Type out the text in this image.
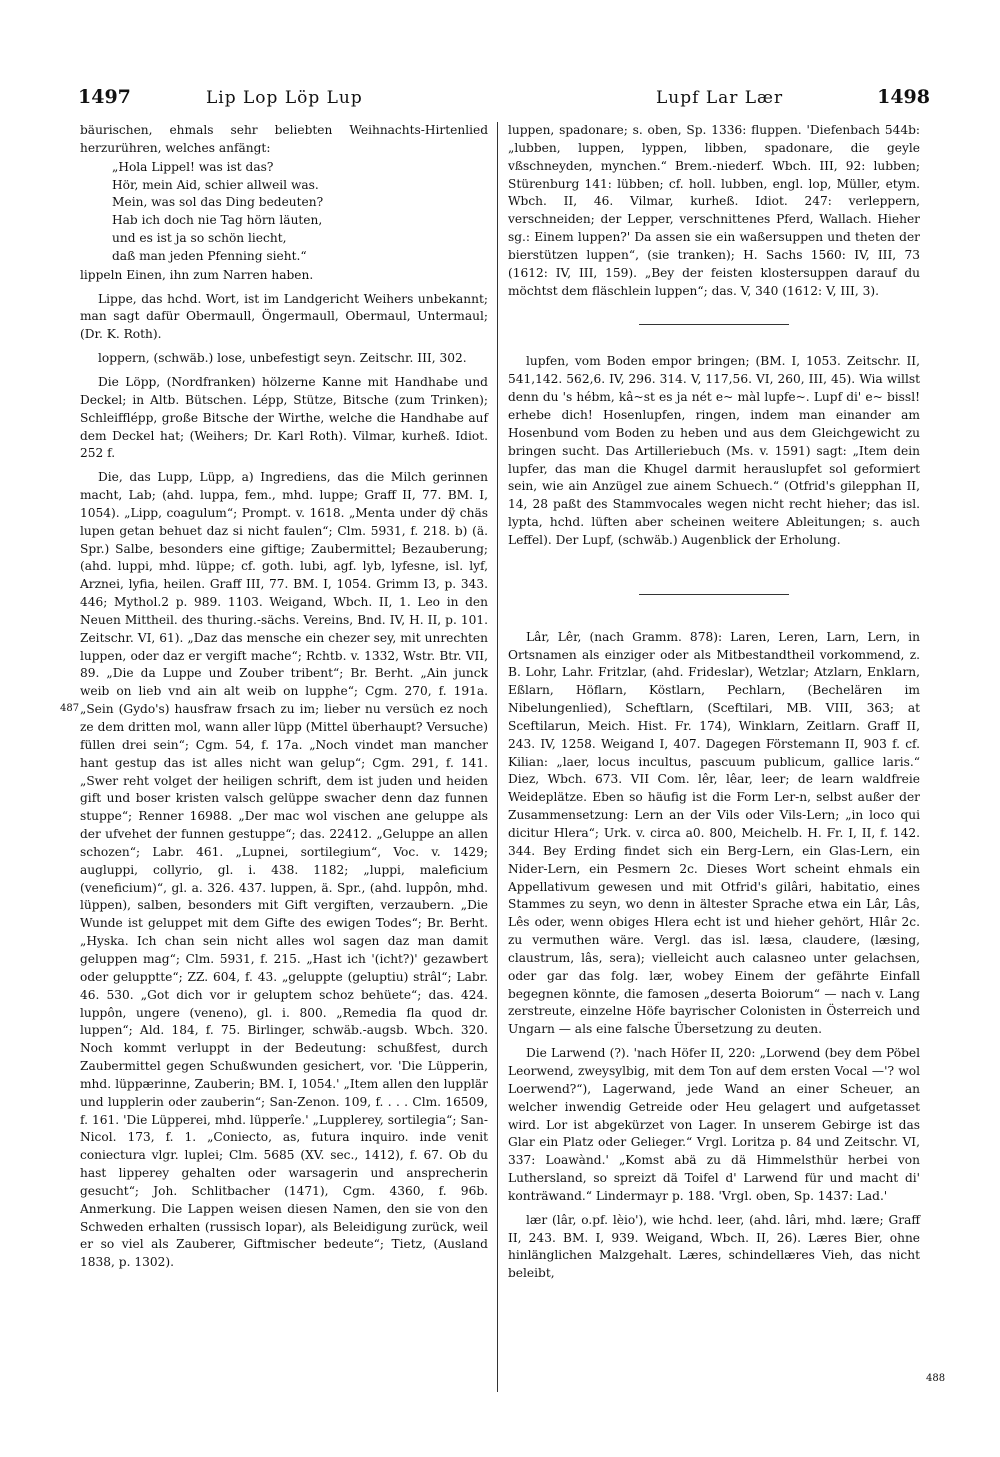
1497	Lip Lop Löp Lup	Lupf Lar Lær	1498
487
488

bäurischen, ehmals sehr beliebten Weihnachts-Hirtenlied herzurühren, welches anfängt:

„Hola Lippel! was ist das?
Hör, mein Aid, schier allweil was.
Mein, was sol das Ding bedeuten?
Hab ich doch nie Tag hörn läuten,
und es ist ja so schön liecht,
daß man jeden Pfenning sieht.“

lippeln Einen, ihn zum Narren haben.

Lippe, das hchd. Wort, ist im Landgericht Weihers unbekannt; man sagt dafür Obermaull, Öngermaull, Obermaul, Untermaul; (Dr. K. Roth).

loppern, (schwäb.) lose, unbefestigt seyn. Zeitschr. III, 302.

Die Löpp, (Nordfranken) hölzerne Kanne mit Handhabe und Deckel; in Altb. Bütschen. Lépp, Stütze, Bitsche (zum Trinken); Schleifflépp, große Bitsche der Wirthe, welche die Handhabe auf dem Deckel hat; (Weihers; Dr. Karl Roth). Vilmar, kurheß. Idiot. 252 f.

Die, das Lupp, Lüpp, a) Ingrediens, das die Milch gerinnen macht, Lab; (ahd. luppa, fem., mhd. luppe; Graff II, 77. BM. I, 1054). „Lipp, coagulum“; Prompt. v. 1618. „Menta under dÿ chäs lupen getan behuet daz si nicht faulen“; Clm. 5931, f. 218. b) (ä. Spr.) Salbe, besonders eine giftige; Zaubermittel; Bezauberung; (ahd. luppi, mhd. lüppe; cf. goth. lubi, agf. lyb, lyfesne, isl. lyf, Arznei, lyfia, heilen. Graff III, 77. BM. I, 1054. Grimm I3, p. 343. 446; Mythol.2 p. 989. 1103. Weigand, Wbch. II, 1. Leo in den Neuen Mittheil. des thuring.-sächs. Vereins, Bnd. IV, H. II, p. 101. Zeitschr. VI, 61). „Daz das mensche ein chezer sey, mit unrechten luppen, oder daz er vergift mache“; Rchtb. v. 1332, Wstr. Btr. VII, 89. „Die da Luppe und Zouber tribent“; Br. Berht. „Ain junck weib on lieb vnd ain alt weib on lupphe“; Cgm. 270, f. 191a. „Sein (Gydo's) hausfraw frsach zu im; lieber nu versüch ez noch ze dem dritten mol, wann aller lüpp (Mittel überhaupt? Versuche) füllen drei sein“; Cgm. 54, f. 17a. „Noch vindet man mancher hant gestup das ist alles nicht wan gelup“; Cgm. 291, f. 141. „Swer reht volget der heiligen schrift, dem ist juden und heiden gift und boser kristen valsch gelüppe swacher denn daz funnen stuppe“; Renner 16988. „Der mac wol vischen ane geluppe als der ufvehet der funnen gestuppe“; das. 22412. „Geluppe an allen schozen“; Labr. 461. „Lupnei, sortilegium“, Voc. v. 1429; augluppi, collyrio, gl. i. 438. 1182; „luppi, maleficium (veneficium)“, gl. a. 326. 437. luppen, ä. Spr., (ahd. luppôn, mhd. lüppen), salben, besonders mit Gift vergiften, verzaubern. „Die Wunde ist geluppet mit dem Gifte des ewigen Todes“; Br. Berht. „Hyska. Ich chan sein nicht alles wol sagen daz man damit geluppen mag“; Clm. 5931, f. 215. „Hast ich '(icht?)' gezawbert oder gelupptte“; ZZ. 604, f. 43. „geluppte (geluptiu) strâl“; Labr. 46. 530. „Got dich vor ir geluptem schoz behüete“; das. 424. luppôn, ungere (veneno), gl. i. 800. „Remedia fla quod dr. luppen“; Ald. 184, f. 75. Birlinger, schwäb.-augsb. Wbch. 320. Noch kommt verluppt in der Bedeutung: schußfest, durch Zaubermittel gegen Schußwunden gesichert, vor. 'Die Lüpperin, mhd. lüppærinne, Zauberin; BM. I, 1054.' „Item allen den lupplär und lupplerin oder zauberin“; San-Zenon. 109, f. . . . Clm. 16509, f. 161. 'Die Lüpperei, mhd. lüpperîe.' „Lupplerey, sortilegia“; San-Nicol. 173, f. 1. „Coniecto, as, futura inquiro. inde venit coniectura vlgr. luplei; Clm. 5685 (XV. sec., 1412), f. 67. Ob du hast lipperey gehalten oder warsagerin und ansprecherin gesucht“; Joh. Schlitbacher (1471), Cgm. 4360, f. 96b. Anmerkung. Die Lappen weisen diesen Namen, den sie von den Schweden erhalten (russisch lopar), als Beleidigung zurück, weil er so viel als Zauberer, Giftmischer bedeute“; Tietz, (Ausland 1838, p. 1302).

luppen, spadonare; s. oben, Sp. 1336: fluppen. 'Diefenbach 544b: „lubben, luppen, lyppen, libben, spadonare, die geyle vßschneyden, mynchen.“ Brem.-niederf. Wbch. III, 92: lubben; Stürenburg 141: lübben; cf. holl. lubben, engl. lop, Müller, etym. Wbch. II, 46. Vilmar, kurheß. Idiot. 247: verleppern, verschneiden; der Lepper, verschnittenes Pferd, Wallach. Hieher sg.: Einem luppen?' Da assen sie ein waßersuppen und theten der bierstützen luppen“, (sie tranken); H. Sachs 1560: IV, III, 73 (1612: IV, III, 159). „Bey der feisten klostersuppen darauf du möchtst dem fläschlein luppen“; das. V, 340 (1612: V, III, 3).

lupfen, vom Boden empor bringen; (BM. I, 1053. Zeitschr. II, 541,142. 562,6. IV, 296. 314. V, 117,56. VI, 260, III, 45). Wia willst denn du 's hébm, kâ~st es ja nét e~ màl lupfe~. Lupf di' e~ bissl! erhebe dich! Hosenlupfen, ringen, indem man einander am Hosenbund vom Boden zu heben und aus dem Gleichgewicht zu bringen sucht. Das Artilleriebuch (Ms. v. 1591) sagt: „Item dein lupfer, das man die Khugel darmit herauslupfet sol geformiert sein, wie ain Anzügel zue ainem Schuech.“ (Otfrid's gilepphan II, 14, 28 paßt des Stammvocales wegen nicht recht hieher; das isl. lypta, hchd. lüften aber scheinen weitere Ableitungen; s. auch Leffel). Der Lupf, (schwäb.) Augenblick der Erholung.

Lâr, Lêr, (nach Gramm. 878): Laren, Leren, Larn, Lern, in Ortsnamen als einziger oder als Mitbestandtheil vorkommend, z. B. Lohr, Lahr. Fritzlar, (ahd. Frideslar), Wetzlar; Atzlarn, Enklarn, Eßlarn, Höflarn, Köstlarn, Pechlarn, (Bechelären im Nibelungenlied), Scheftlarn, (Sceftilari, MB. VIII, 363; at Sceftilarun, Meich. Hist. Fr. 174), Winklarn, Zeitlarn. Graff II, 243. IV, 1258. Weigand I, 407. Dagegen Förstemann II, 903 f. cf. Kilian: „laer, locus incultus, pascuum publicum, gallice laris.“ Diez, Wbch. 673. VII Com. lêr, lêar, leer; de learn waldfreie Weideplätze. Eben so häufig ist die Form Ler-n, selbst außer der Zusammensetzung: Lern an der Vils oder Vils-Lern; „in loco qui dicitur Hlera“; Urk. v. circa a0. 800, Meichelb. H. Fr. I, II, f. 142. 344. Bey Erding findet sich ein Berg-Lern, ein Glas-Lern, ein Nider-Lern, ein Pesmern 2c. Dieses Wort scheint ehmals ein Appellativum gewesen und mit Otfrid's gilâri, habitatio, eines Stammes zu seyn, wo denn in ältester Sprache etwa ein Lâr, Lâs, Lês oder, wenn obiges Hlera echt ist und hieher gehört, Hlâr 2c. zu vermuthen wäre. Vergl. das isl. læsa, claudere, (læsing, claustrum, lâs, sera); vielleicht auch calasneo unter gelachsen, oder gar das folg. lær, wobey Einem der gefährte Einfall begegnen könnte, die famosen „deserta Boiorum“ — nach v. Lang zerstreute, einzelne Höfe bayrischer Colonisten in Österreich und Ungarn — als eine falsche Übersetzung zu deuten.

Die Larwend (?). 'nach Höfer II, 220: „Lorwend (bey dem Pöbel Leorwend, zweysylbig, mit dem Ton auf dem ersten Vocal —'? wol Loerwend?“), Lagerwand, jede Wand an einer Scheuer, an welcher inwendig Getreide oder Heu gelagert und aufgetasset wird. Lor ist abgekürzet von Lager. In unserem Gebirge ist das Glar ein Platz oder Gelieger.“ Vrgl. Loritza p. 84 und Zeitschr. VI, 337: Loawànd.' „Komst abä zu dä Himmelsthür herbei von Luthersland, so spreizt dä Toifel d' Larwend für und macht di' konträwand.“ Lindermayr p. 188. 'Vrgl. oben, Sp. 1437: Lad.'

lær (lâr, o.pf. lèio'), wie hchd. leer, (ahd. lâri, mhd. lære; Graff II, 243. BM. I, 939. Weigand, Wbch. II, 26). Læres Bier, ohne hinlänglichen Malzgehalt. Læres, schindellæres Vieh, das nicht beleibt,
